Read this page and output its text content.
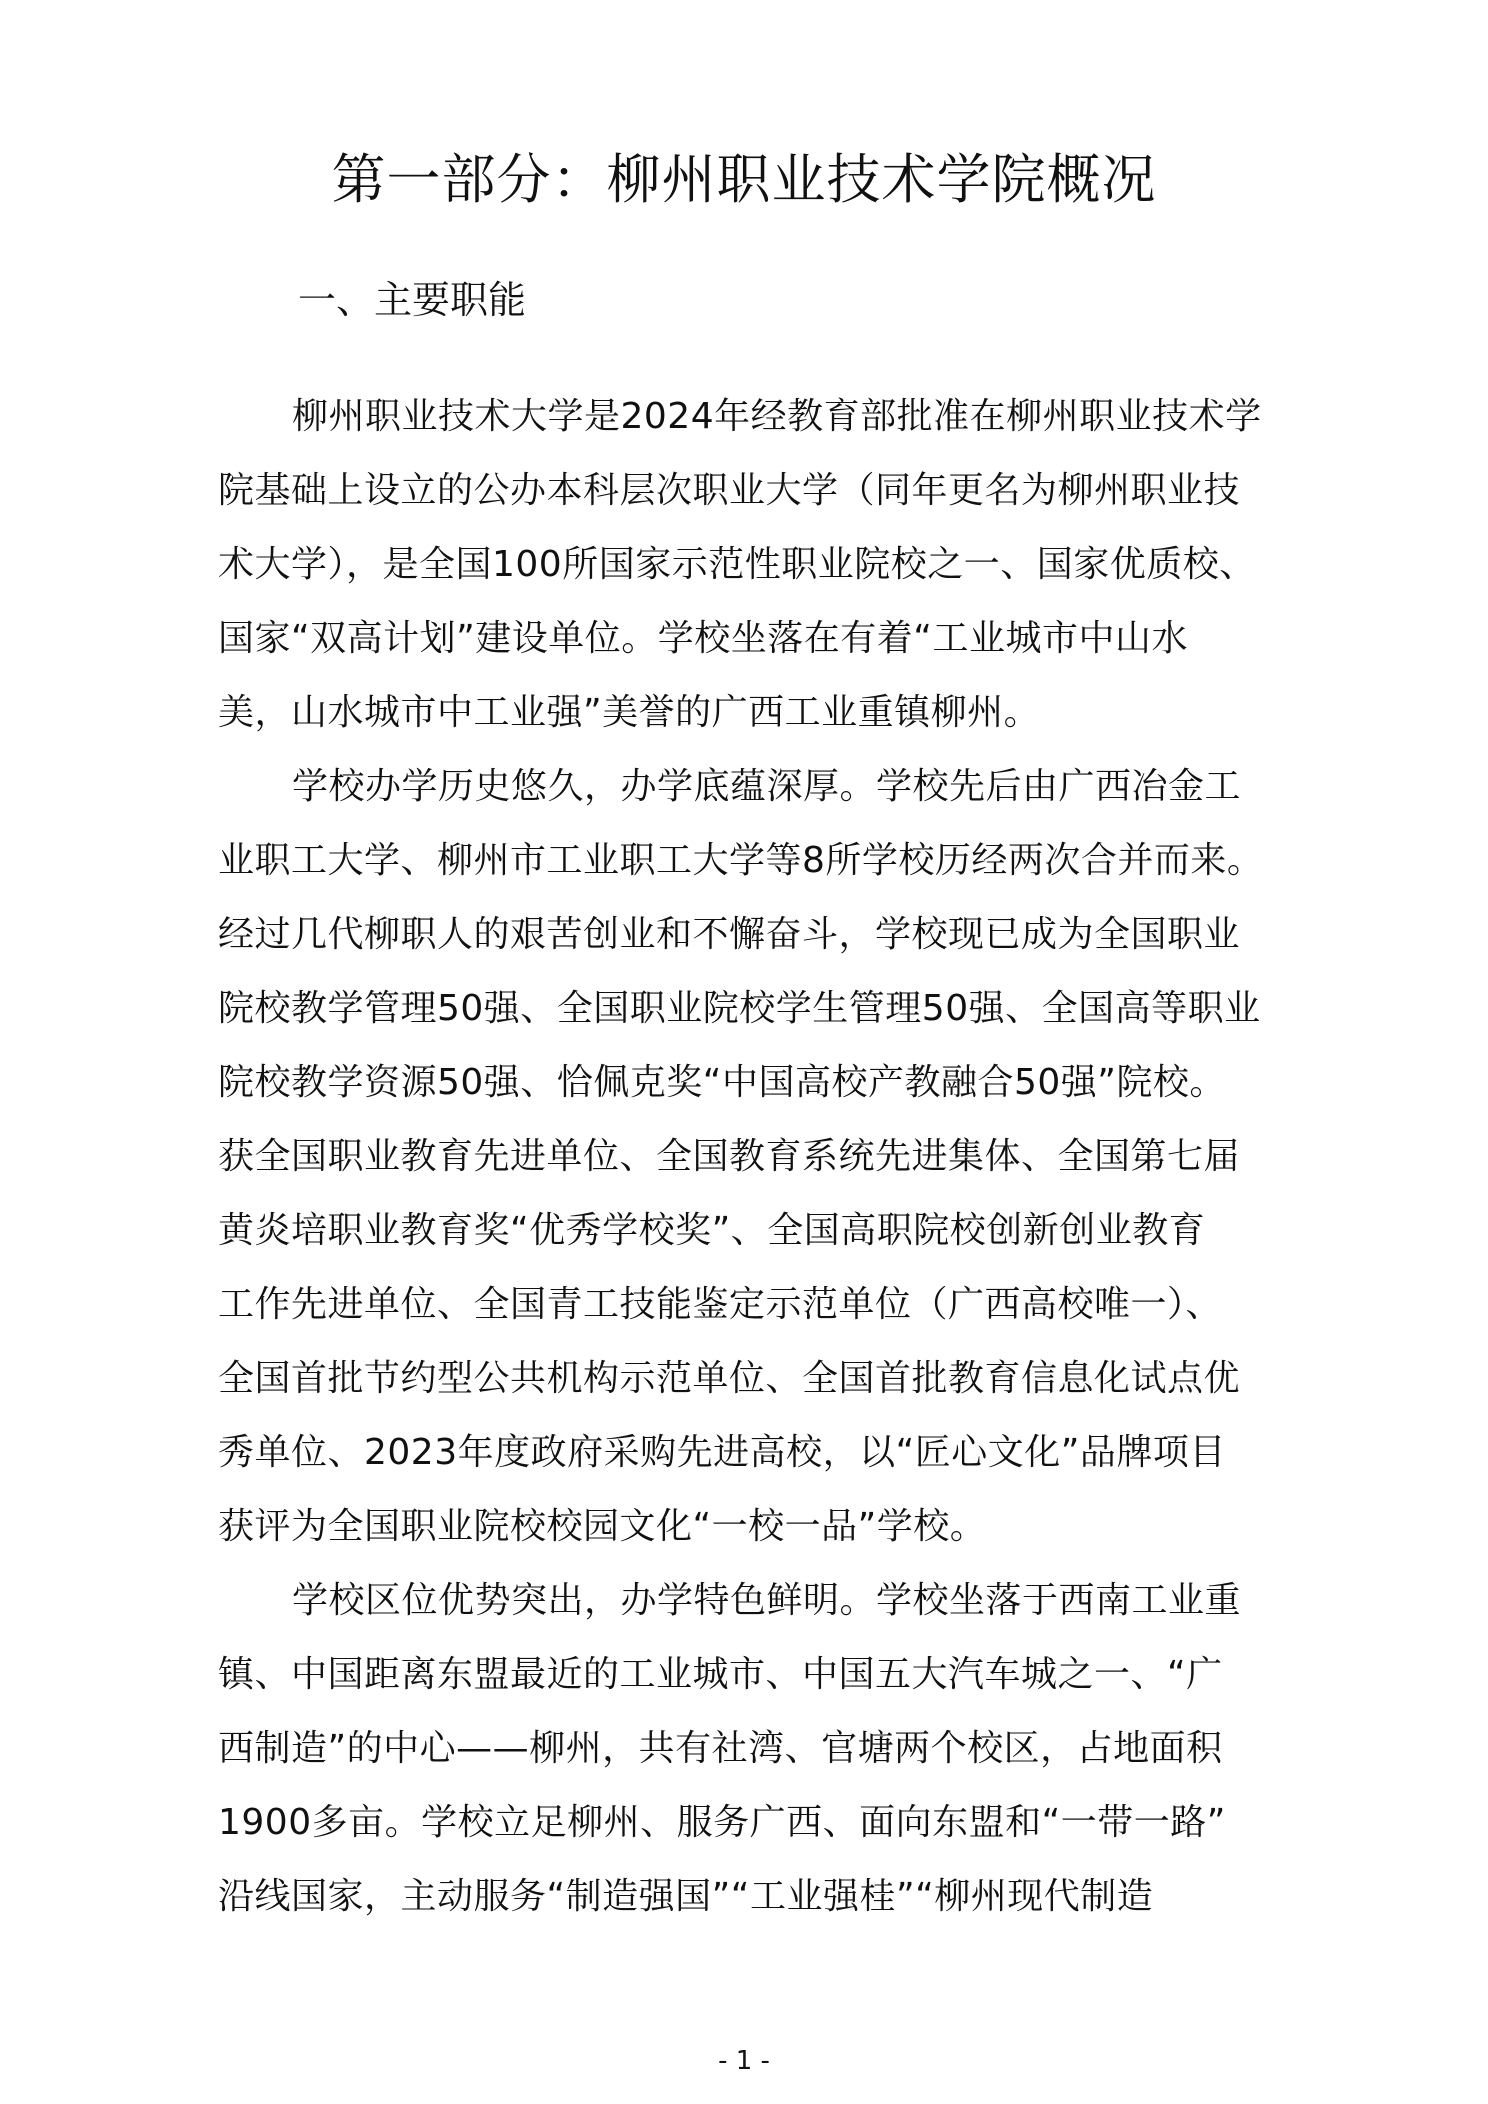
第一部分：柳州职业技术学院概况
一、主要职能
柳州职业技术大学是2024年经教育部批准在柳州职业技术学
院基础上设立的公办本科层次职业大学（同年更名为柳州职业技
术大学），是全国100所国家示范性职业院校之一、国家优质校、
国家“双高计划”建设单位。学校坐落在有着“工业城市中山水
美，山水城市中工业强”美誉的广西工业重镇柳州。
学校办学历史悠久，办学底蕴深厚。学校先后由广西冶金工
业职工大学、柳州市工业职工大学等8所学校历经两次合并而来。
经过几代柳职人的艰苦创业和不懈奋斗，学校现已成为全国职业
院校教学管理50强、全国职业院校学生管理50强、全国高等职业
院校教学资源50强、恰佩克奖“中国高校产教融合50强”院校。
获全国职业教育先进单位、全国教育系统先进集体、全国第七届
黄炎培职业教育奖“优秀学校奖”、全国高职院校创新创业教育
工作先进单位、全国青工技能鉴定示范单位（广西高校唯一）、
全国首批节约型公共机构示范单位、全国首批教育信息化试点优
秀单位、2023年度政府采购先进高校，以“匠心文化”品牌项目
获评为全国职业院校校园文化“一校一品”学校。
学校区位优势突出，办学特色鲜明。学校坐落于西南工业重
镇、中国距离东盟最近的工业城市、中国五大汽车城之一、“广
西制造”的中心——柳州，共有社湾、官塘两个校区，占地面积
1900多亩。学校立足柳州、服务广西、面向东盟和“一带一路”
沿线国家，主动服务“制造强国”“工业强桂”“柳州现代制造
- 1 -
